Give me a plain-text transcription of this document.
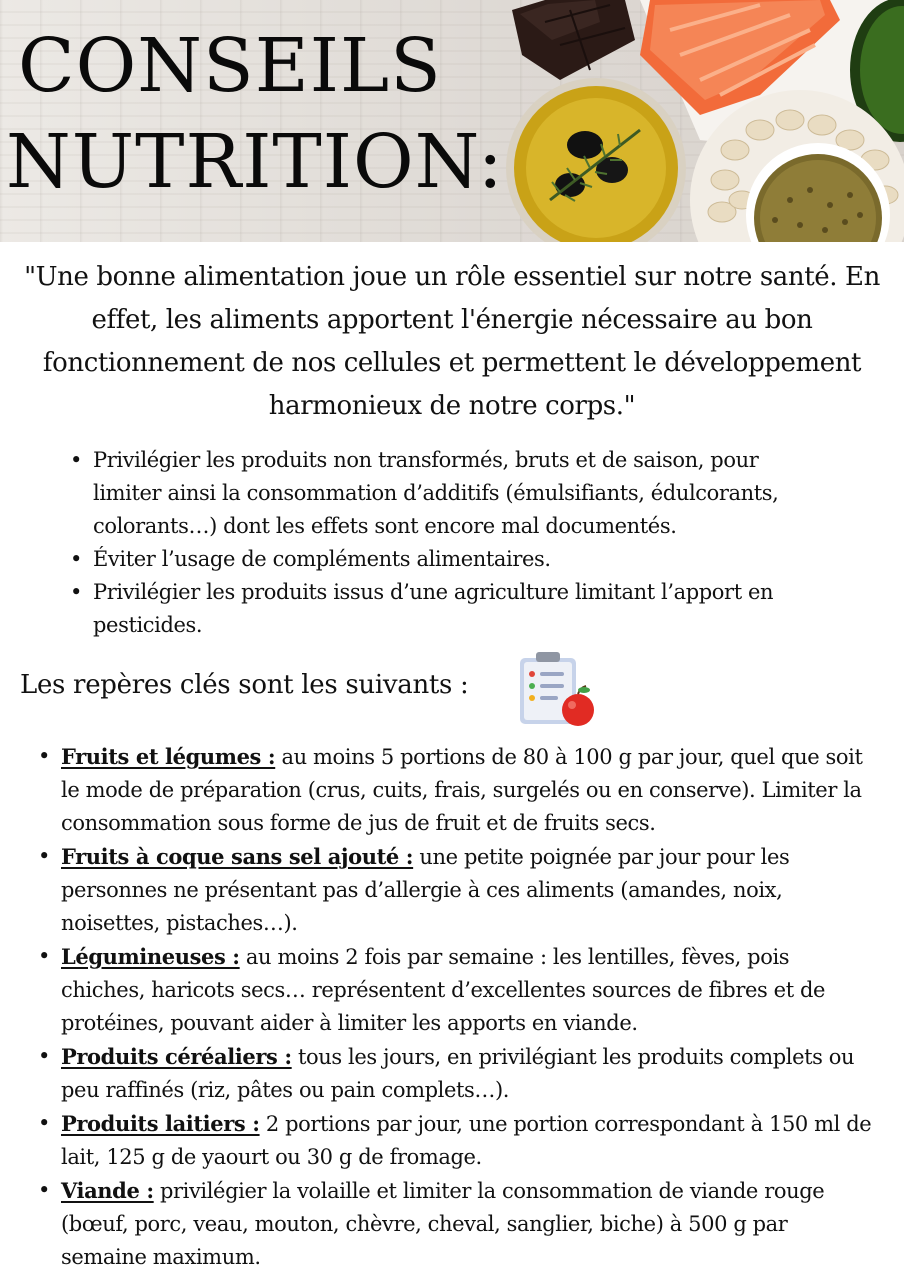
CONSEILS
NUTRITION:

"Une bonne alimentation joue un rôle essentiel sur notre santé. En effet, les aliments apportent l'énergie nécessaire au bon fonctionnement de nos cellules et permettent le développement harmonieux de notre corps."

• Privilégier les produits non transformés, bruts et de saison, pour limiter ainsi la consommation d’additifs (émulsifiants, édulcorants, colorants…) dont les effets sont encore mal documentés.
• Éviter l’usage de compléments alimentaires.
• Privilégier les produits issus d’une agriculture limitant l’apport en pesticides.
Les repères clés sont les suivants :
• Fruits et légumes : au moins 5 portions de 80 à 100 g par jour, quel que soit le mode de préparation (crus, cuits, frais, surgelés ou en conserve). Limiter la consommation sous forme de jus de fruit et de fruits secs.
• Fruits à coque sans sel ajouté : une petite poignée par jour pour les personnes ne présentant pas d’allergie à ces aliments (amandes, noix, noisettes, pistaches…).
• Légumineuses : au moins 2 fois par semaine : les lentilles, fèves, pois chiches, haricots secs… représentent d’excellentes sources de fibres et de protéines, pouvant aider à limiter les apports en viande.
• Produits céréaliers : tous les jours, en privilégiant les produits complets ou peu raffinés (riz, pâtes ou pain complets…).
• Produits laitiers : 2 portions par jour, une portion correspondant à 150 ml de lait, 125 g de yaourt ou 30 g de fromage.
• Viande : privilégier la volaille et limiter la consommation de viande rouge (bœuf, porc, veau, mouton, chèvre, cheval, sanglier, biche) à 500 g par semaine maximum.
